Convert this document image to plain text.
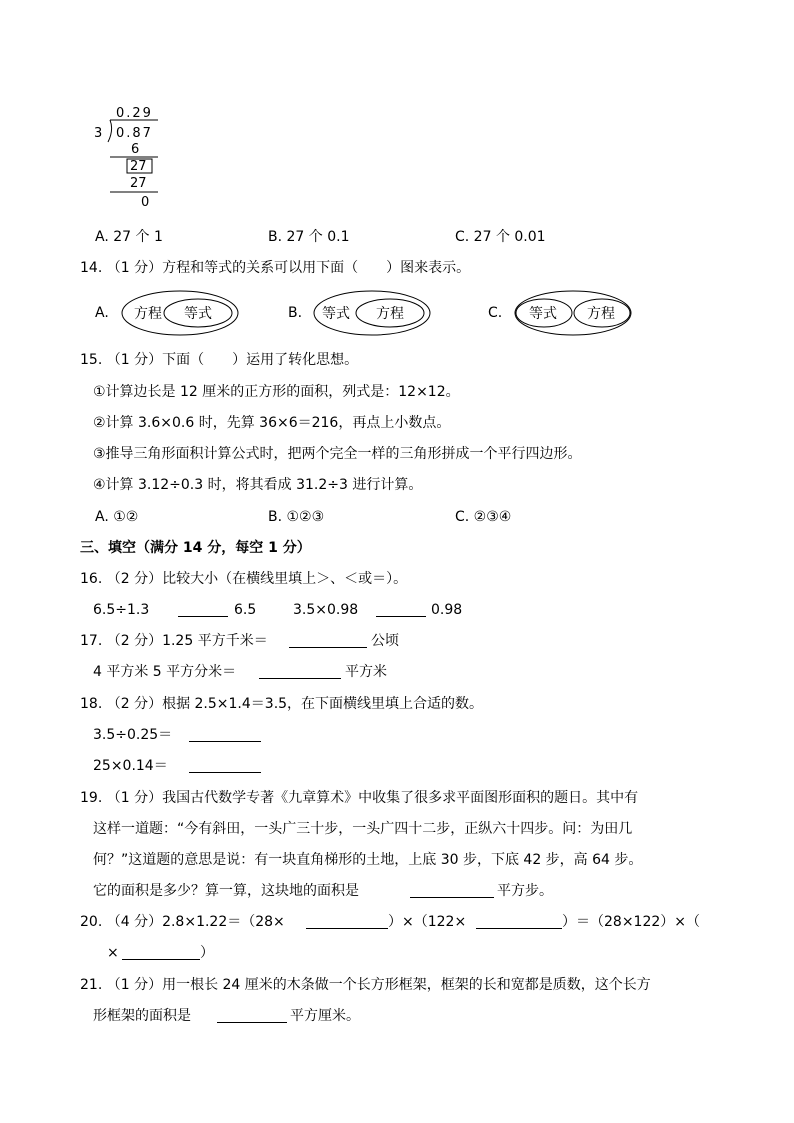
0.29
3 0.87
6
27
27
0
A. 27 个 1	B. 27 个 0.1	C. 27 个 0.01
14. （1 分）方程和等式的关系可以用下面（　　）图来表示。
A. 方程 等式	B. 等式 方程	C. 等式 方程
15. （1 分）下面（　　）运用了转化思想。
①计算边长是 12 厘米的正方形的面积，列式是：12×12。
②计算 3.6×0.6 时，先算 36×6＝216，再点上小数点。
③推导三角形面积计算公式时，把两个完全一样的三角形拼成一个平行四边形。
④计算 3.12÷0.3 时，将其看成 31.2÷3 进行计算。
A. ①②	B. ①②③	C. ②③④
三、填空（满分 14 分，每空 1 分）
16. （2 分）比较大小（在横线里填上＞、＜或＝）。
6.5÷1.3	6.5	3.5×0.98	0.98
17. （2 分）1.25 平方千米＝	公顷
4 平方米 5 平方分米＝	平方米
18. （2 分）根据 2.5×1.4＝3.5，在下面横线里填上合适的数。
3.5÷0.25＝
25×0.14＝
19. （1 分）我国古代数学专著《九章算术》中收集了很多求平面图形面积的题日。其中有
这样一道题：“今有斜田，一头广三十步，一头广四十二步，正纵六十四步。问：为田几
何？”这道题的意思是说：有一块直角梯形的土地，上底 30 步，下底 42 步，高 64 步。
它的面积是多少？算一算，这块地的面积是	平方步。
20. （4 分）2.8×1.22＝（28×	）×（122×	）＝（28×122）×（
×	）
21. （1 分）用一根长 24 厘米的木条做一个长方形框架，框架的长和宽都是质数，这个长方
形框架的面积是	平方厘米。
